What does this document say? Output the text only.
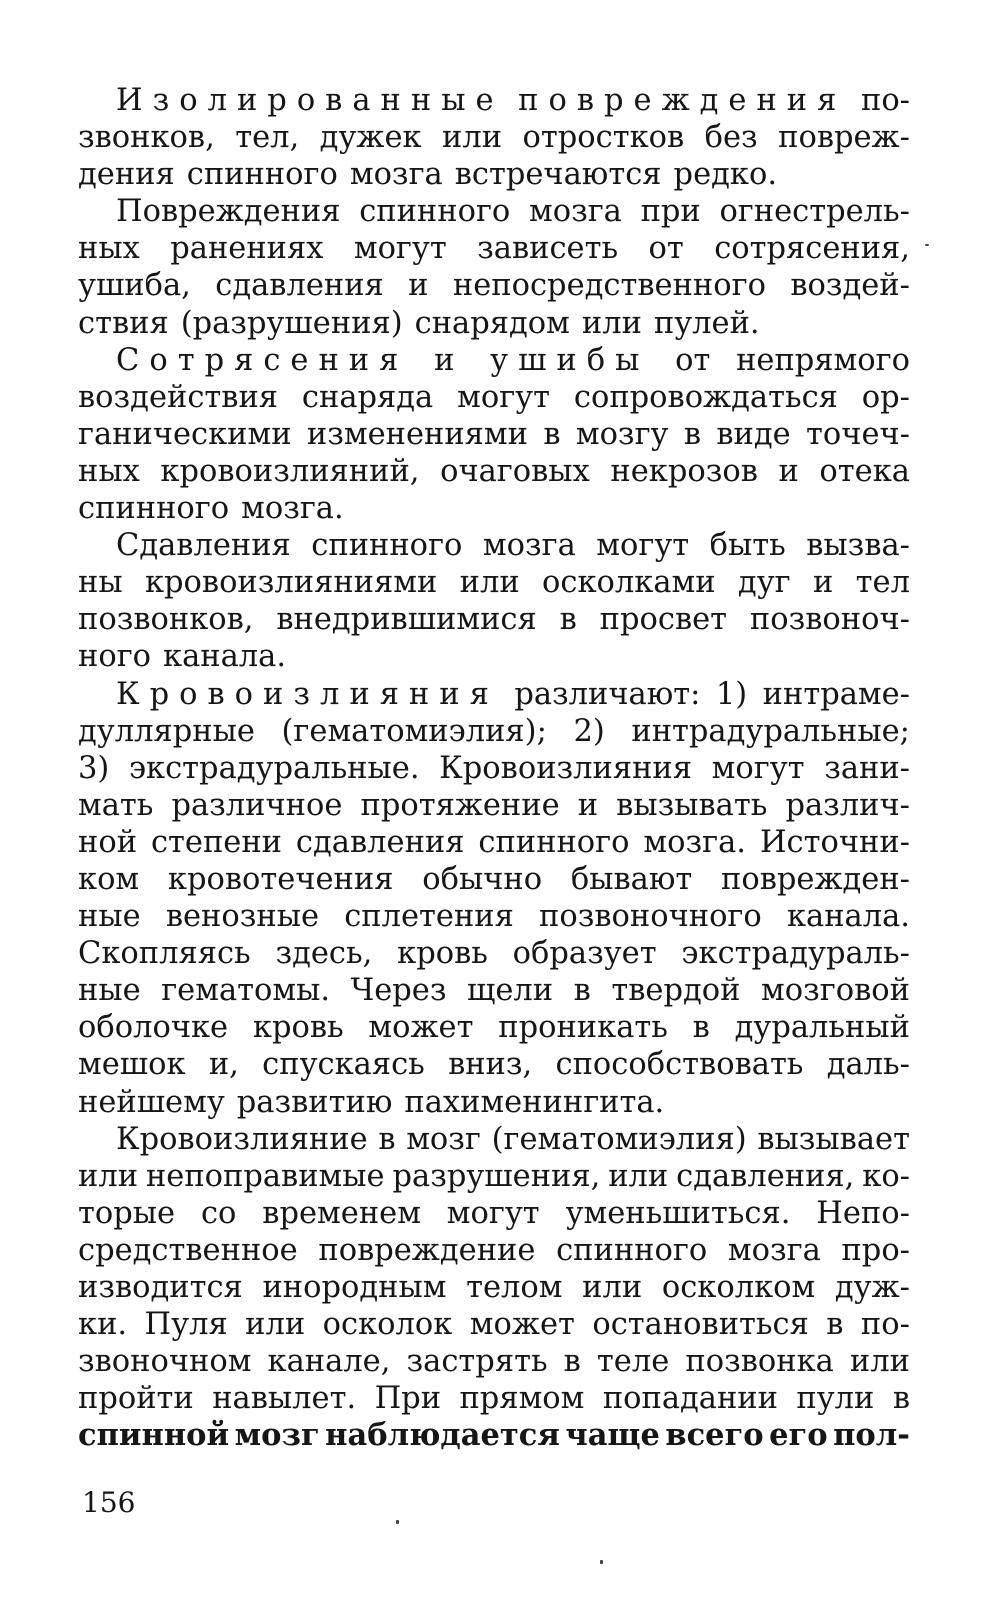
Изолированные повреждения по-
звонков, тел, дужек или отростков без повреж-
дения спинного мозга встречаются редко.
Повреждения спинного мозга при огнестрель-
ных ранениях могут зависеть от сотрясения,
ушиба, сдавления и непосредственного воздей-
ствия (разрушения) снарядом или пулей.
Сотрясения и ушибы от непрямого
воздействия снаряда могут сопровождаться ор-
ганическими изменениями в мозгу в виде точеч-
ных кровоизлияний, очаговых некрозов и отека
спинного мозга.
Сдавления спинного мозга могут быть вызва-
ны кровоизлияниями или осколками дуг и тел
позвонков, внедрившимися в просвет позвоноч-
ного канала.
Кровоизлияния различают: 1) интраме-
дуллярные (гематомиэлия); 2) интрадуральные;
3) экстрадуральные. Кровоизлияния могут зани-
мать различное протяжение и вызывать различ-
ной степени сдавления спинного мозга. Источни-
ком кровотечения обычно бывают поврежден-
ные венозные сплетения позвоночного канала.
Скопляясь здесь, кровь образует экстрадураль-
ные гематомы. Через щели в твердой мозговой
оболочке кровь может проникать в дуральный
мешок и, спускаясь вниз, способствовать даль-
нейшему развитию пахименингита.
Кровоизлияние в мозг (гематомиэлия) вызывает
или непоправимые разрушения, или сдавления, ко-
торые со временем могут уменьшиться. Непо-
средственное повреждение спинного мозга про-
изводится инородным телом или осколком дуж-
ки. Пуля или осколок может остановиться в по-
звоночном канале, застрять в теле позвонка или
пройти навылет. При прямом попадании пули в
спинной мозг наблюдается чаще всего его пол-
156
